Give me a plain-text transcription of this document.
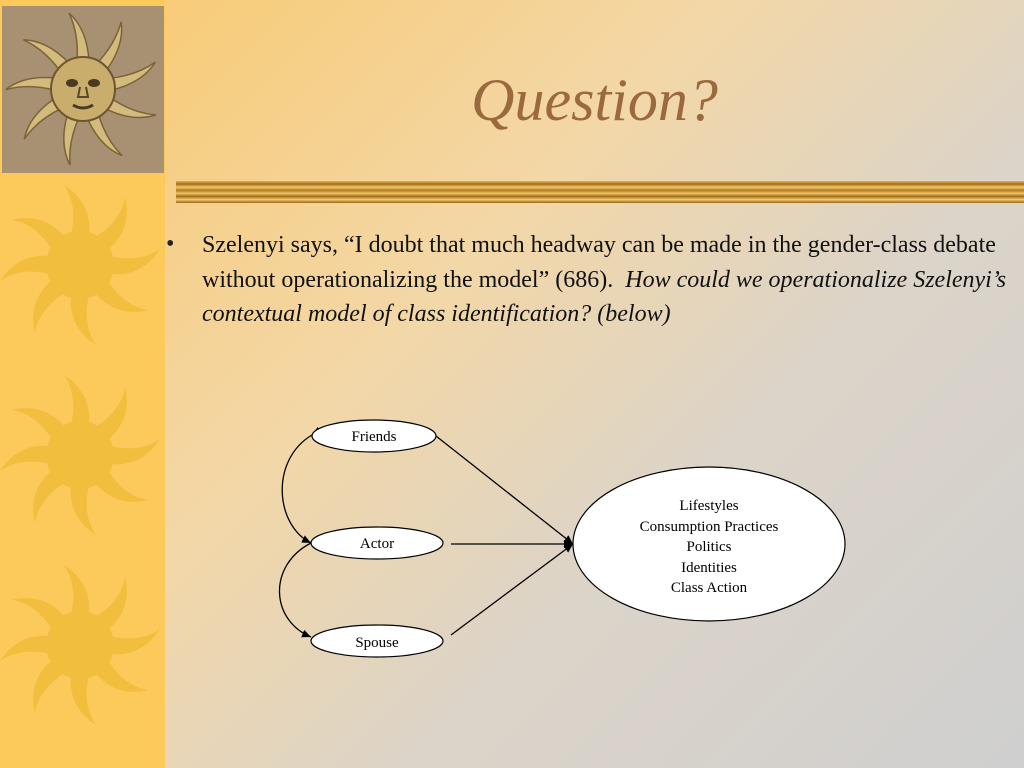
Question?
• Szelenyi says, “I doubt that much headway can be made in the gender-class debate without operationalizing the model” (686). How could we operationalize Szelenyi’s contextual model of class identification? (below)
Friends
Actor
Spouse
Lifestyles
Consumption Practices
Politics
Identities
Class Action
